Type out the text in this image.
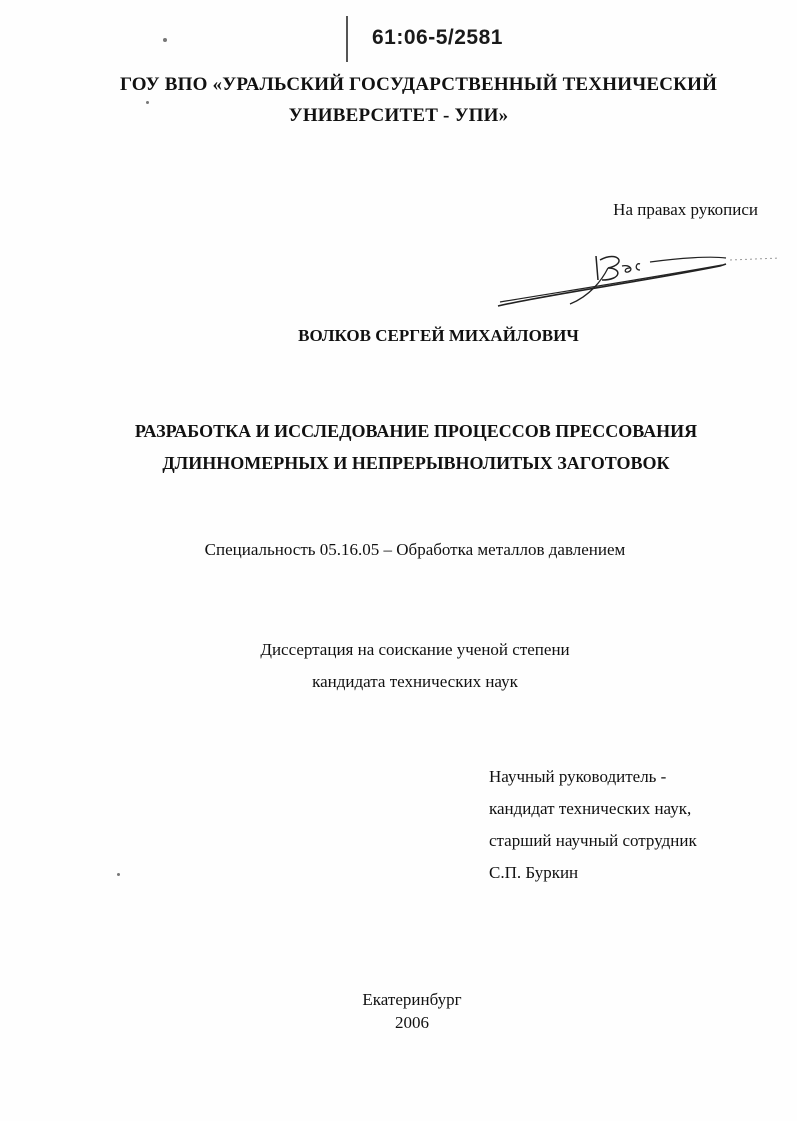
61:06-5/2581
ГОУ ВПО «УРАЛЬСКИЙ ГОСУДАРСТВЕННЫЙ ТЕХНИЧЕСКИЙ
УНИВЕРСИТЕТ - УПИ»
На правах рукописи
ВОЛКОВ СЕРГЕЙ МИХАЙЛОВИЧ
РАЗРАБОТКА И ИССЛЕДОВАНИЕ ПРОЦЕССОВ ПРЕССОВАНИЯ
ДЛИННОМЕРНЫХ И НЕПРЕРЫВНОЛИТЫХ ЗАГОТОВОК
Специальность 05.16.05 – Обработка металлов давлением
Диссертация на соискание ученой степени
кандидата технических наук
Научный руководитель -
кандидат технических наук,
старший научный сотрудник
С.П. Буркин
Екатеринбург
2006
